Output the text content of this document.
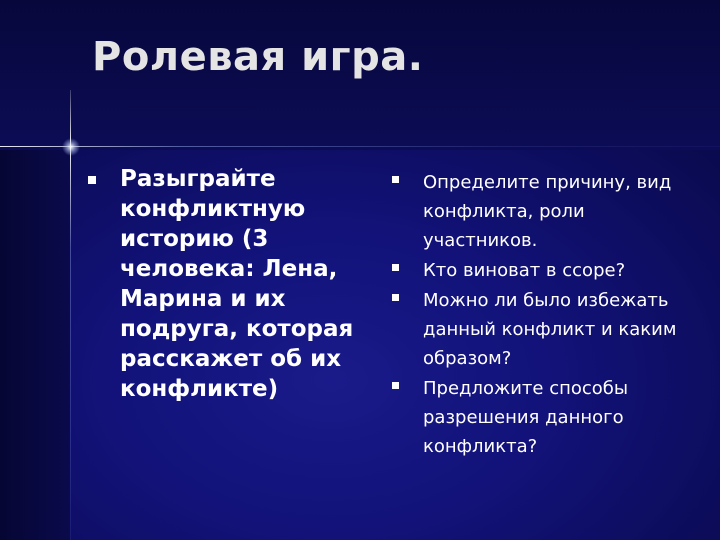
Ролевая игра.
Разыграйте конфликтную историю (3 человека: Лена, Марина и их подруга, которая расскажет об их конфликте)
Определите причину, вид конфликта, роли участников.
Кто виноват в ссоре?
Можно ли было избежать данный конфликт и каким образом?
Предложите способы разрешения данного конфликта?
